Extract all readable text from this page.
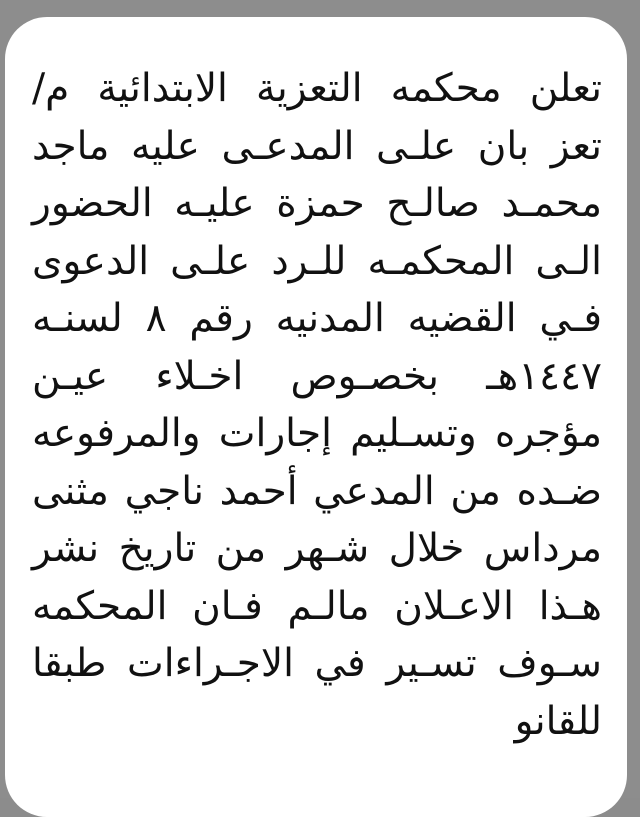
تعلن محكمه التعزية الابتدائية م/
تعز بان علـى المدعـى عليه ماجد
محمـد صالـح حمزة عليـه الحضور
الـى المحكمـه للـرد علـى الدعوى
فـي القضيه المدنيه رقم ٨ لسنـه
١٤٤٧هـ بخصـوص اخـلاء عيـن
مؤجره وتسـليم إجارات والمرفوعه
ضـده من المدعي أحمد ناجي مثنى
مرداس خلال شـهر من تاريخ نشر
هـذا الاعـلان مالـم فـان المحكمه
سـوف تسـير في الاجـراءات طبقا
للقانو
